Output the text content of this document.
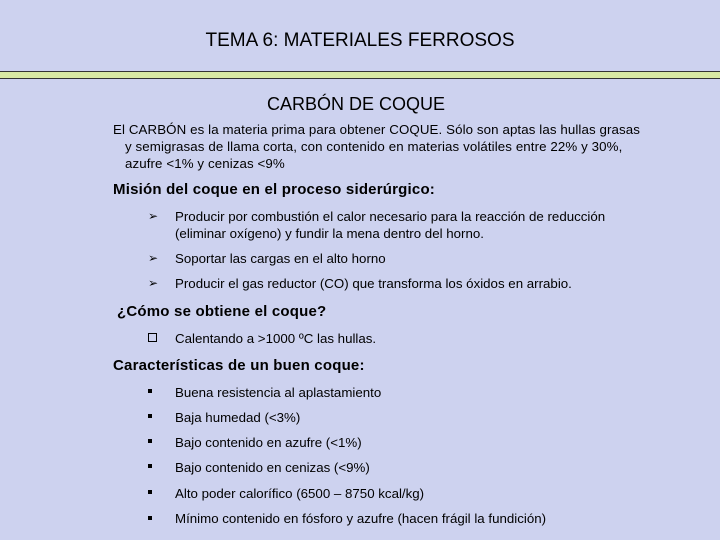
TEMA 6: MATERIALES FERROSOS
CARBÓN DE COQUE
El CARBÓN es la materia prima para obtener COQUE. Sólo son aptas las hullas grasas
y semigrasas de llama corta, con contenido en materias volátiles entre 22% y 30%,
azufre <1% y cenizas <9%
Misión del coque en el proceso siderúrgico:
➢ Producir por combustión el calor necesario para la reacción de reducción
(eliminar oxígeno) y fundir la mena dentro del horno.
➢ Soportar las cargas en el alto horno
➢ Producir el gas reductor (CO) que transforma los óxidos en arrabio.
¿Cómo se obtiene el coque?
Calentando a >1000 ºC las hullas.
Características de un buen coque:
Buena resistencia al aplastamiento
Baja humedad (<3%)
Bajo contenido en azufre (<1%)
Bajo contenido en cenizas (<9%)
Alto poder calorífico (6500 – 8750 kcal/kg)
Mínimo contenido en fósforo y azufre (hacen frágil la fundición)
